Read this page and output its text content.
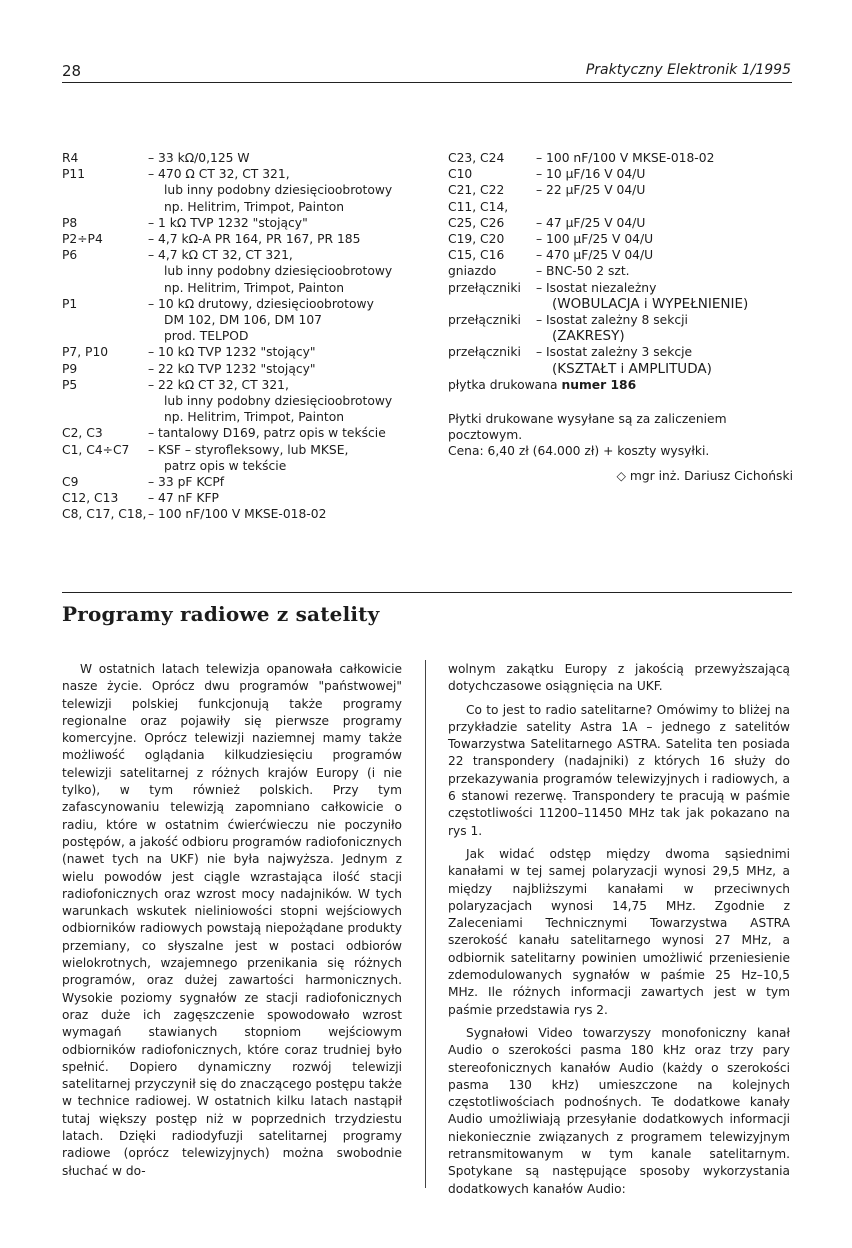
28	Praktyczny Elektronik 1/1995
R4	– 33 kΩ/0,125 W
P11	– 470 Ω CT 32, CT 321,
lub inny podobny dziesięcioobrotowy
np. Helitrim, Trimpot, Painton
P8	– 1 kΩ TVP 1232 "stojący"
P2÷P4	– 4,7 kΩ-A PR 164, PR 167, PR 185
P6	– 4,7 kΩ CT 32, CT 321,
lub inny podobny dziesięcioobrotowy
np. Helitrim, Trimpot, Painton
P1	– 10 kΩ drutowy, dziesięcioobrotowy
DM 102, DM 106, DM 107
prod. TELPOD
P7, P10	– 10 kΩ TVP 1232 "stojący"
P9	– 22 kΩ TVP 1232 "stojący"
P5	– 22 kΩ CT 32, CT 321,
lub inny podobny dziesięcioobrotowy
np. Helitrim, Trimpot, Painton
C2, C3	– tantalowy D169, patrz opis w tekście
C1, C4÷C7	– KSF – styrofleksowy, lub MKSE,
patrz opis w tekście
C9	– 33 pF KCPf
C12, C13	– 47 nF KFP
C8, C17, C18, – 100 nF/100 V MKSE-018-02
C23, C24	– 100 nF/100 V MKSE-018-02
C10	– 10 μF/16 V 04/U
C21, C22	– 22 μF/25 V 04/U
C11, C14,
C25, C26	– 47 μF/25 V 04/U
C19, C20	– 100 μF/25 V 04/U
C15, C16	– 470 μF/25 V 04/U
gniazdo	– BNC-50 2 szt.
przełączniki	– Isostat niezależny
(WOBULACJA i WYPEŁNIENIE)
przełączniki	– Isostat zależny 8 sekcji
(ZAKRESY)
przełączniki	– Isostat zależny 3 sekcje
(KSZTAŁT i AMPLITUDA)
płytka drukowana
numer 186
Płytki drukowane wysyłane są za zaliczeniem
pocztowym.
Cena: 6,40 zł (64.000 zł) + koszty wysyłki.
◇ mgr inż. Dariusz Cichoński
Programy radiowe z satelity

W ostatnich latach telewizja opanowała całkowicie nasze życie. Oprócz dwu programów "państwowej" telewizji polskiej funkcjonują także programy regionalne oraz pojawiły się pierwsze programy komercyjne. Oprócz telewizji naziemnej mamy także możliwość oglądania kilkudziesięciu programów telewizji satelitarnej z różnych krajów Europy (i nie tylko), w tym również polskich. Przy tym zafascynowaniu telewizją zapomniano całkowicie o radiu, które w ostatnim ćwierćwieczu nie poczyniło postępów, a jakość odbioru programów radiofonicznych (nawet tych na UKF) nie była najwyższa. Jednym z wielu powodów jest ciągle wzrastająca ilość stacji radiofonicznych oraz wzrost mocy nadajników. W tych warunkach wskutek nieliniowości stopni wejściowych odbiorników radiowych powstają niepożądane produkty przemiany, co słyszalne jest w postaci odbiorów wielokrotnych, wzajemnego przenikania się różnych programów, oraz dużej zawartości harmonicznych. Wysokie poziomy sygnałów ze stacji radiofonicznych oraz duże ich zagęszczenie spowodowało wzrost wymagań stawianych stopniom wejściowym odbiorników radiofonicznych, które coraz trudniej było spełnić. Dopiero dynamiczny rozwój telewizji satelitarnej przyczynił się do znaczącego postępu także w technice radiowej. W ostatnich kilku latach nastąpił tutaj większy postęp niż w poprzednich trzydziestu latach. Dzięki radiodyfuzji satelitarnej programy radiowe (oprócz telewizyjnych) można swobodnie słuchać w do-

wolnym zakątku Europy z jakością przewyższającą dotychczasowe osiągnięcia na UKF.

Co to jest to radio satelitarne? Omówimy to bliżej na przykładzie satelity Astra 1A – jednego z satelitów Towarzystwa Satelitarnego ASTRA. Satelita ten posiada 22 transpondery (nadajniki) z których 16 służy do przekazywania programów telewizyjnych i radiowych, a 6 stanowi rezerwę. Transpondery te pracują w paśmie częstotliwości 11200–11450 MHz tak jak pokazano na rys 1.

Jak widać odstęp między dwoma sąsiednimi kanałami w tej samej polaryzacji wynosi 29,5 MHz, a między najbliższymi kanałami w przeciwnych polaryzacjach wynosi 14,75 MHz. Zgodnie z Zaleceniami Technicznymi Towarzystwa ASTRA szerokość kanału satelitarnego wynosi 27 MHz, a odbiornik satelitarny powinien umożliwić przeniesienie zdemodulowanych sygnałów w paśmie 25 Hz–10,5 MHz. Ile różnych informacji zawartych jest w tym paśmie przedstawia rys 2.

Sygnałowi Video towarzyszy monofoniczny kanał Audio o szerokości pasma 180 kHz oraz trzy pary stereofonicznych kanałów Audio (każdy o szerokości pasma 130 kHz) umieszczone na kolejnych częstotliwościach podnośnych. Te dodatkowe kanały Audio umożliwiają przesyłanie dodatkowych informacji niekoniecznie związanych z programem telewizyjnym retransmitowanym w tym kanale satelitarnym. Spotykane są następujące sposoby wykorzystania dodatkowych kanałów Audio:
